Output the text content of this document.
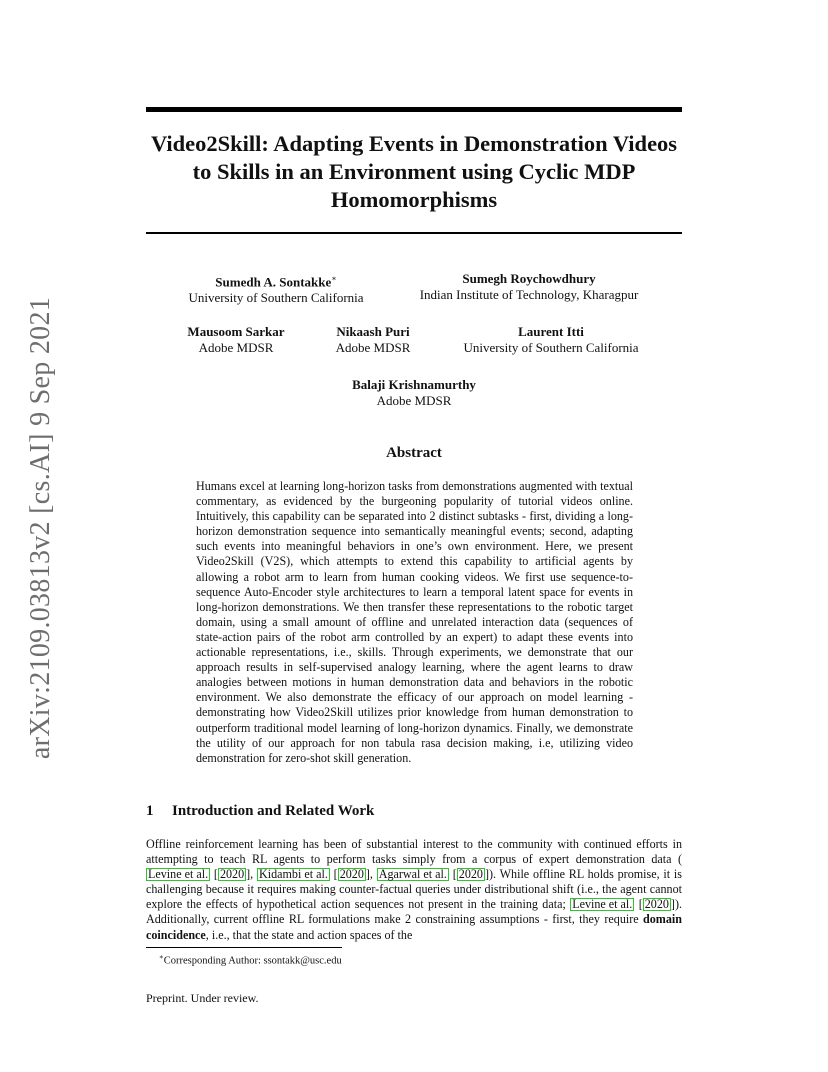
arXiv:2109.03813v2 [cs.AI] 9 Sep 2021
Video2Skill: Adapting Events in Demonstration Videos to Skills in an Environment using Cyclic MDP Homomorphisms
Sumedh A. Sontakke∗
University of Southern California
Sumegh Roychowdhury
Indian Institute of Technology, Kharagpur
Mausoom Sarkar
Adobe MDSR
Nikaash Puri
Adobe MDSR
Laurent Itti
University of Southern California
Balaji Krishnamurthy
Adobe MDSR
Abstract

Humans excel at learning long-horizon tasks from demonstrations augmented with textual commentary, as evidenced by the burgeoning popularity of tutorial videos online. Intuitively, this capability can be separated into 2 distinct subtasks - first, dividing a long-horizon demonstration sequence into semantically meaningful events; second, adapting such events into meaningful behaviors in one’s own environment. Here, we present Video2Skill (V2S), which attempts to extend this capability to artificial agents by allowing a robot arm to learn from human cooking videos. We first use sequence-to-sequence Auto-Encoder style architectures to learn a temporal latent space for events in long-horizon demonstrations. We then transfer these representations to the robotic target domain, using a small amount of offline and unrelated interaction data (sequences of state-action pairs of the robot arm controlled by an expert) to adapt these events into actionable representations, i.e., skills. Through experiments, we demonstrate that our approach results in self-supervised analogy learning, where the agent learns to draw analogies between motions in human demonstration data and behaviors in the robotic environment. We also demonstrate the efficacy of our approach on model learning - demonstrating how Video2Skill utilizes prior knowledge from human demonstration to outperform traditional model learning of long-horizon dynamics. Finally, we demonstrate the utility of our approach for non tabula rasa decision making, i.e, utilizing video demonstration for zero-shot skill generation.

1 Introduction and Related Work

Offline reinforcement learning has been of substantial interest to the community with continued efforts in attempting to teach RL agents to perform tasks simply from a corpus of expert demonstration data (Levine et al. [ 2020 ], Kidambi et al. [ 2020 ], Agarwal et al. [ 2020 ]). While offline RL holds promise, it is challenging because it requires making counter-factual queries under distributional shift (i.e., the agent cannot explore the effects of hypothetical action sequences not present in the training data; Levine et al. [ 2020 ]). Additionally, current offline RL formulations make 2 constraining assumptions - first, they require domain coincidence, i.e., that the state and action spaces of the

∗Corresponding Author: ssontakk@usc.edu
Preprint. Under review.
